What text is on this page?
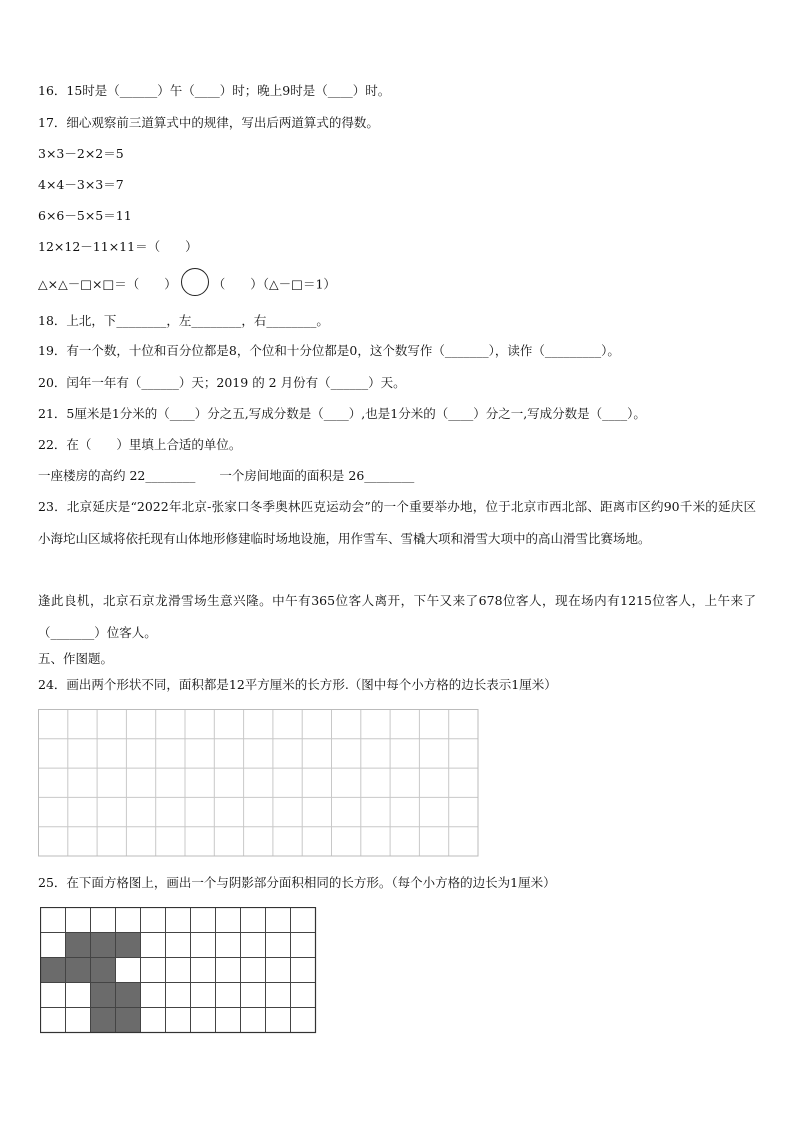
16．15时是（______）午（____）时；晚上9时是（____）时。
17．细心观察前三道算式中的规律，写出后两道算式的得数。
3×3－2×2＝5
4×4－3×3＝7
6×6－5×5＝11
12×12－11×11＝（　　）
△×△－□×□＝（　　）	（　　）（△－□＝1）
18．上北，下________，左________，右________。
19．有一个数，十位和百分位都是8，个位和十分位都是0，这个数写作（_______），读作（_________）。
20．闰年一年有（______）天；2019 的 2 月份有（______）天。
21．5厘米是1分米的（____）分之五,写成分数是（____）,也是1分米的（____）分之一,写成分数是（____）。
22．在（　　）里填上合适的单位。
一座楼房的高约 22________ 一个房间地面的面积是 26________
23．北京延庆是“2022年北京-张家口冬季奥林匹克运动会”的一个重要举办地，位于北京市西北部、距离市区约90千米的延庆区小海坨山区域将依托现有山体地形修建临时场地设施，用作雪车、雪橇大项和滑雪大项中的高山滑雪比赛场地。
逢此良机，北京石京龙滑雪场生意兴隆。中午有365位客人离开，下午又来了678位客人，现在场内有1215位客人，上午来了（_______）位客人。
五、作图题。
24．画出两个形状不同，面积都是12平方厘米的长方形.（图中每个小方格的边长表示1厘米）
25．在下面方格图上，画出一个与阴影部分面积相同的长方形。（每个小方格的边长为1厘米）
